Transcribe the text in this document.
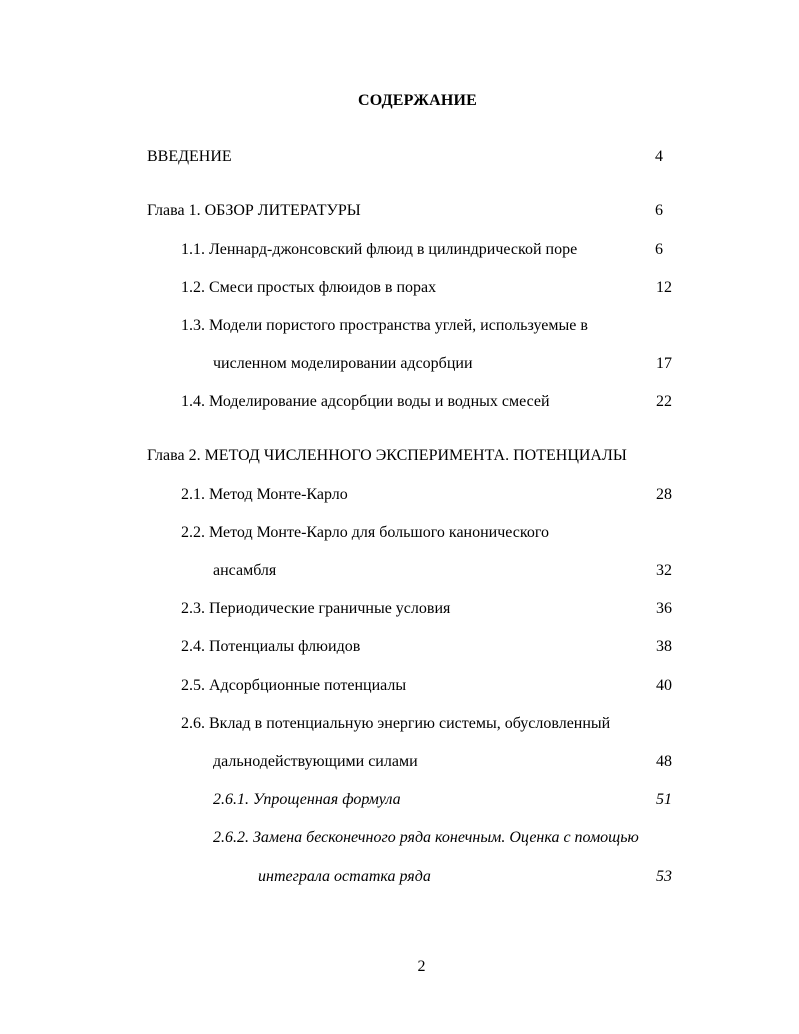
СОДЕРЖАНИЕ
ВВЕДЕНИЕ	4
Глава 1. ОБЗОР ЛИТЕРАТУРЫ	6
1.1. Леннард-джонсовский флюид в цилиндрической поре	6
1.2. Смеси простых флюидов в порах	12
1.3. Модели пористого пространства углей, используемые в
численном моделировании адсорбции	17
1.4. Моделирование адсорбции воды и водных смесей	22
Глава 2. МЕТОД ЧИСЛЕННОГО ЭКСПЕРИМЕНТА. ПОТЕНЦИАЛЫ
2.1. Метод Монте-Карло	28
2.2. Метод Монте-Карло для большого канонического
ансамбля	32
2.3. Периодические граничные условия	36
2.4. Потенциалы флюидов	38
2.5. Адсорбционные потенциалы	40
2.6. Вклад в потенциальную энергию системы, обусловленный
дальнодействующими силами	48
2.6.1. Упрощенная формула	51
2.6.2. Замена бесконечного ряда конечным. Оценка с помощью
интеграла остатка ряда	53
2
